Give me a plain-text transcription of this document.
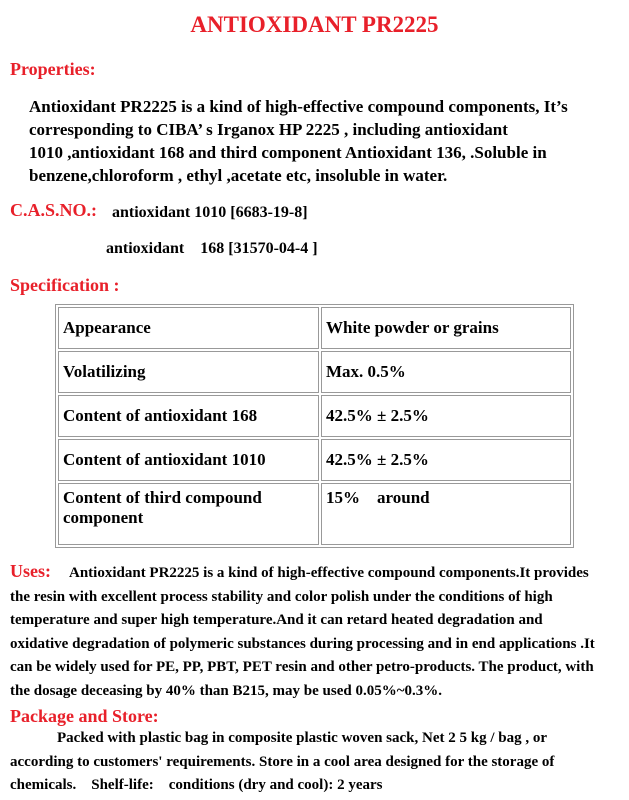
ANTIOXIDANT PR2225
Properties:
Antioxidant PR2225 is a kind of high-effective compound components, It’s
corresponding to CIBA’ s Irganox HP 2225 , including antioxidant
1010 ,antioxidant 168 and third component Antioxidant 136, .Soluble in
benzene,chloroform , ethyl ,acetate etc, insoluble in water.
C.A.S.NO.: antioxidant 1010 [6683-19-8]
antioxidant    168 [31570-04-4 ]
Specification :
Appearance	White powder or grains
Volatilizing	Max. 0.5%
Content of antioxidant 168	42.5% ± 2.5%
Content of antioxidant 1010	42.5% ± 2.5%
Content of third compound component	15%    around
Uses: Antioxidant PR2225 is a kind of high-effective compound components.It provides
the resin with excellent process stability and color polish under the conditions of high
temperature and super high temperature.And it can retard heated degradation and
oxidative degradation of polymeric substances during processing and in end applications .It
can be widely used for PE, PP, PBT, PET resin and other petro-products. The product, with
the dosage deceasing by 40% than B215, may be used 0.05%~0.3%.
Package and Store:
Packed with plastic bag in composite plastic woven sack, Net 2 5 kg / bag , or
according to customers' requirements. Store in a cool area designed for the storage of
chemicals.    Shelf-life:    conditions (dry and cool): 2 years
